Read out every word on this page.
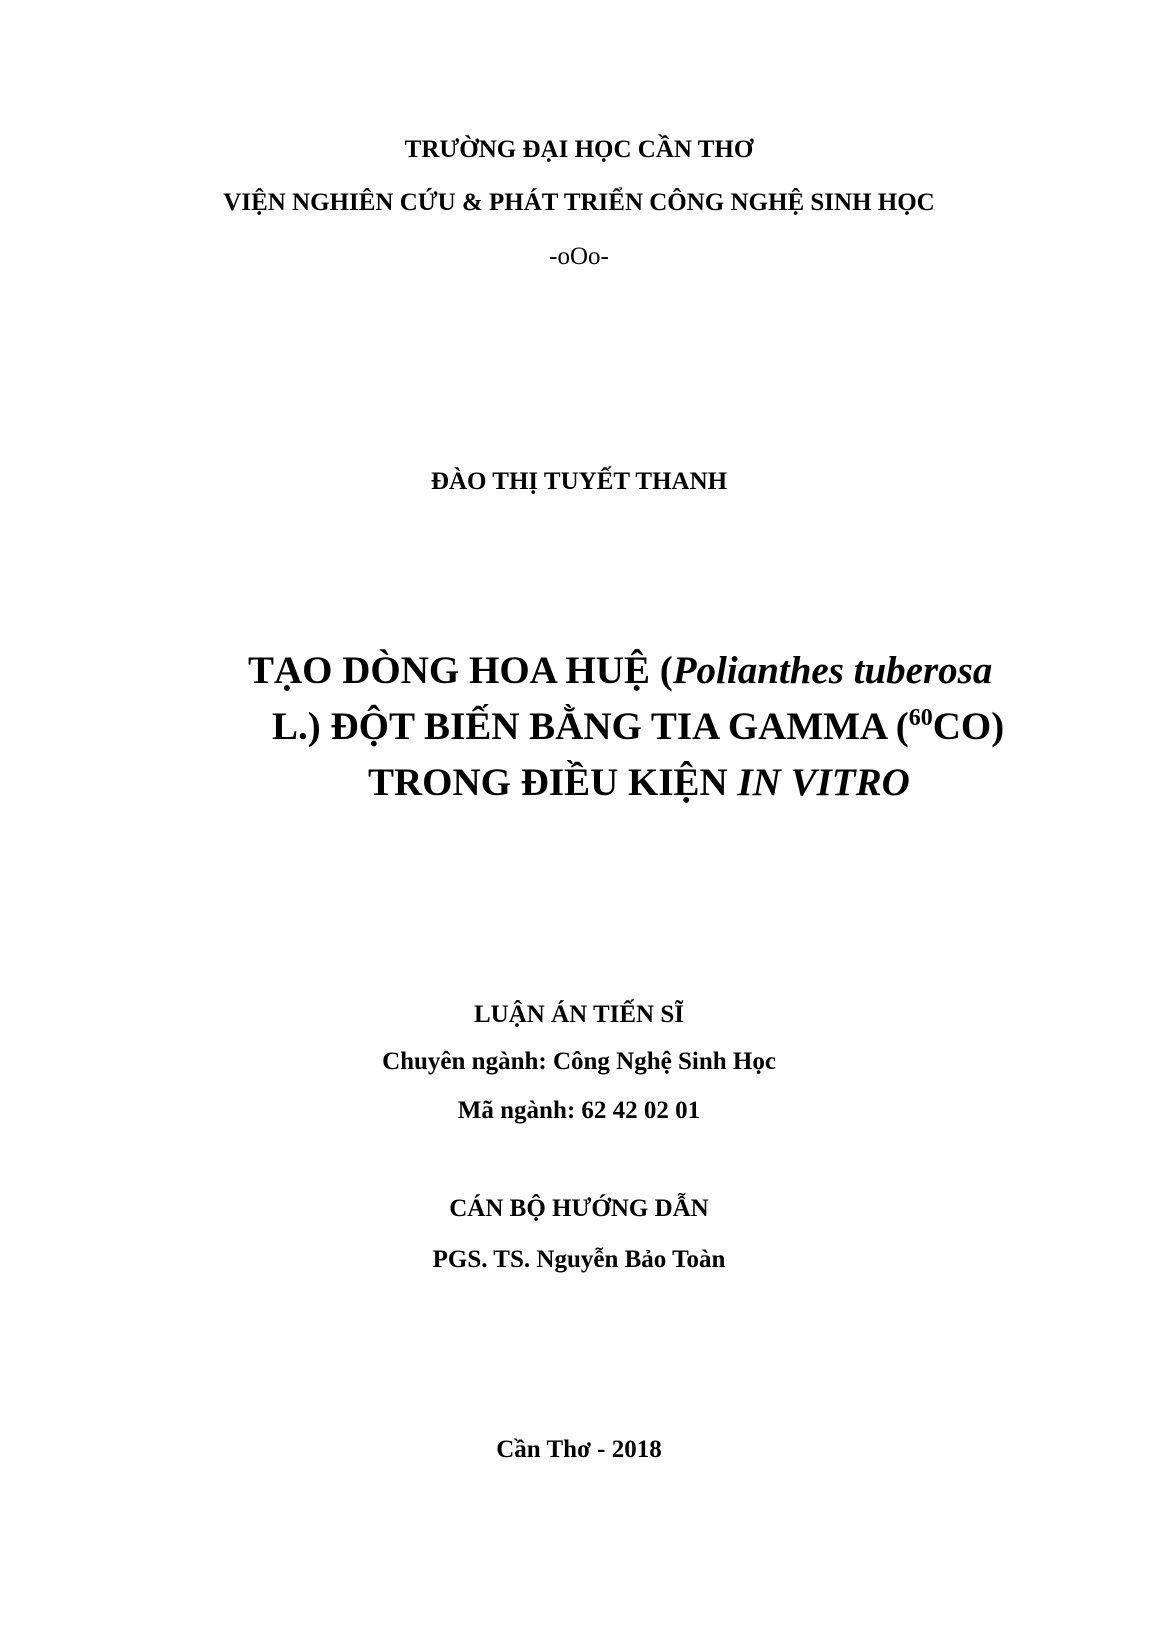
TRƯỜNG ĐẠI HỌC CẦN THƠ
VIỆN NGHIÊN CỨU & PHÁT TRIỂN CÔNG NGHỆ SINH HỌC
-oOo-
ĐÀO THỊ TUYẾT THANH
TẠO DÒNG HOA HUỆ (Polianthes tuberosa
L.) ĐỘT BIẾN BẰNG TIA GAMMA ($^{60}$CO)
TRONG ĐIỀU KIỆN IN VITRO
LUẬN ÁN TIẾN SĨ
Chuyên ngành: Công Nghệ Sinh Học
Mã ngành: 62 42 02 01
CÁN BỘ HƯỚNG DẪN
PGS. TS. Nguyễn Bảo Toàn
Cần Thơ - 2018
